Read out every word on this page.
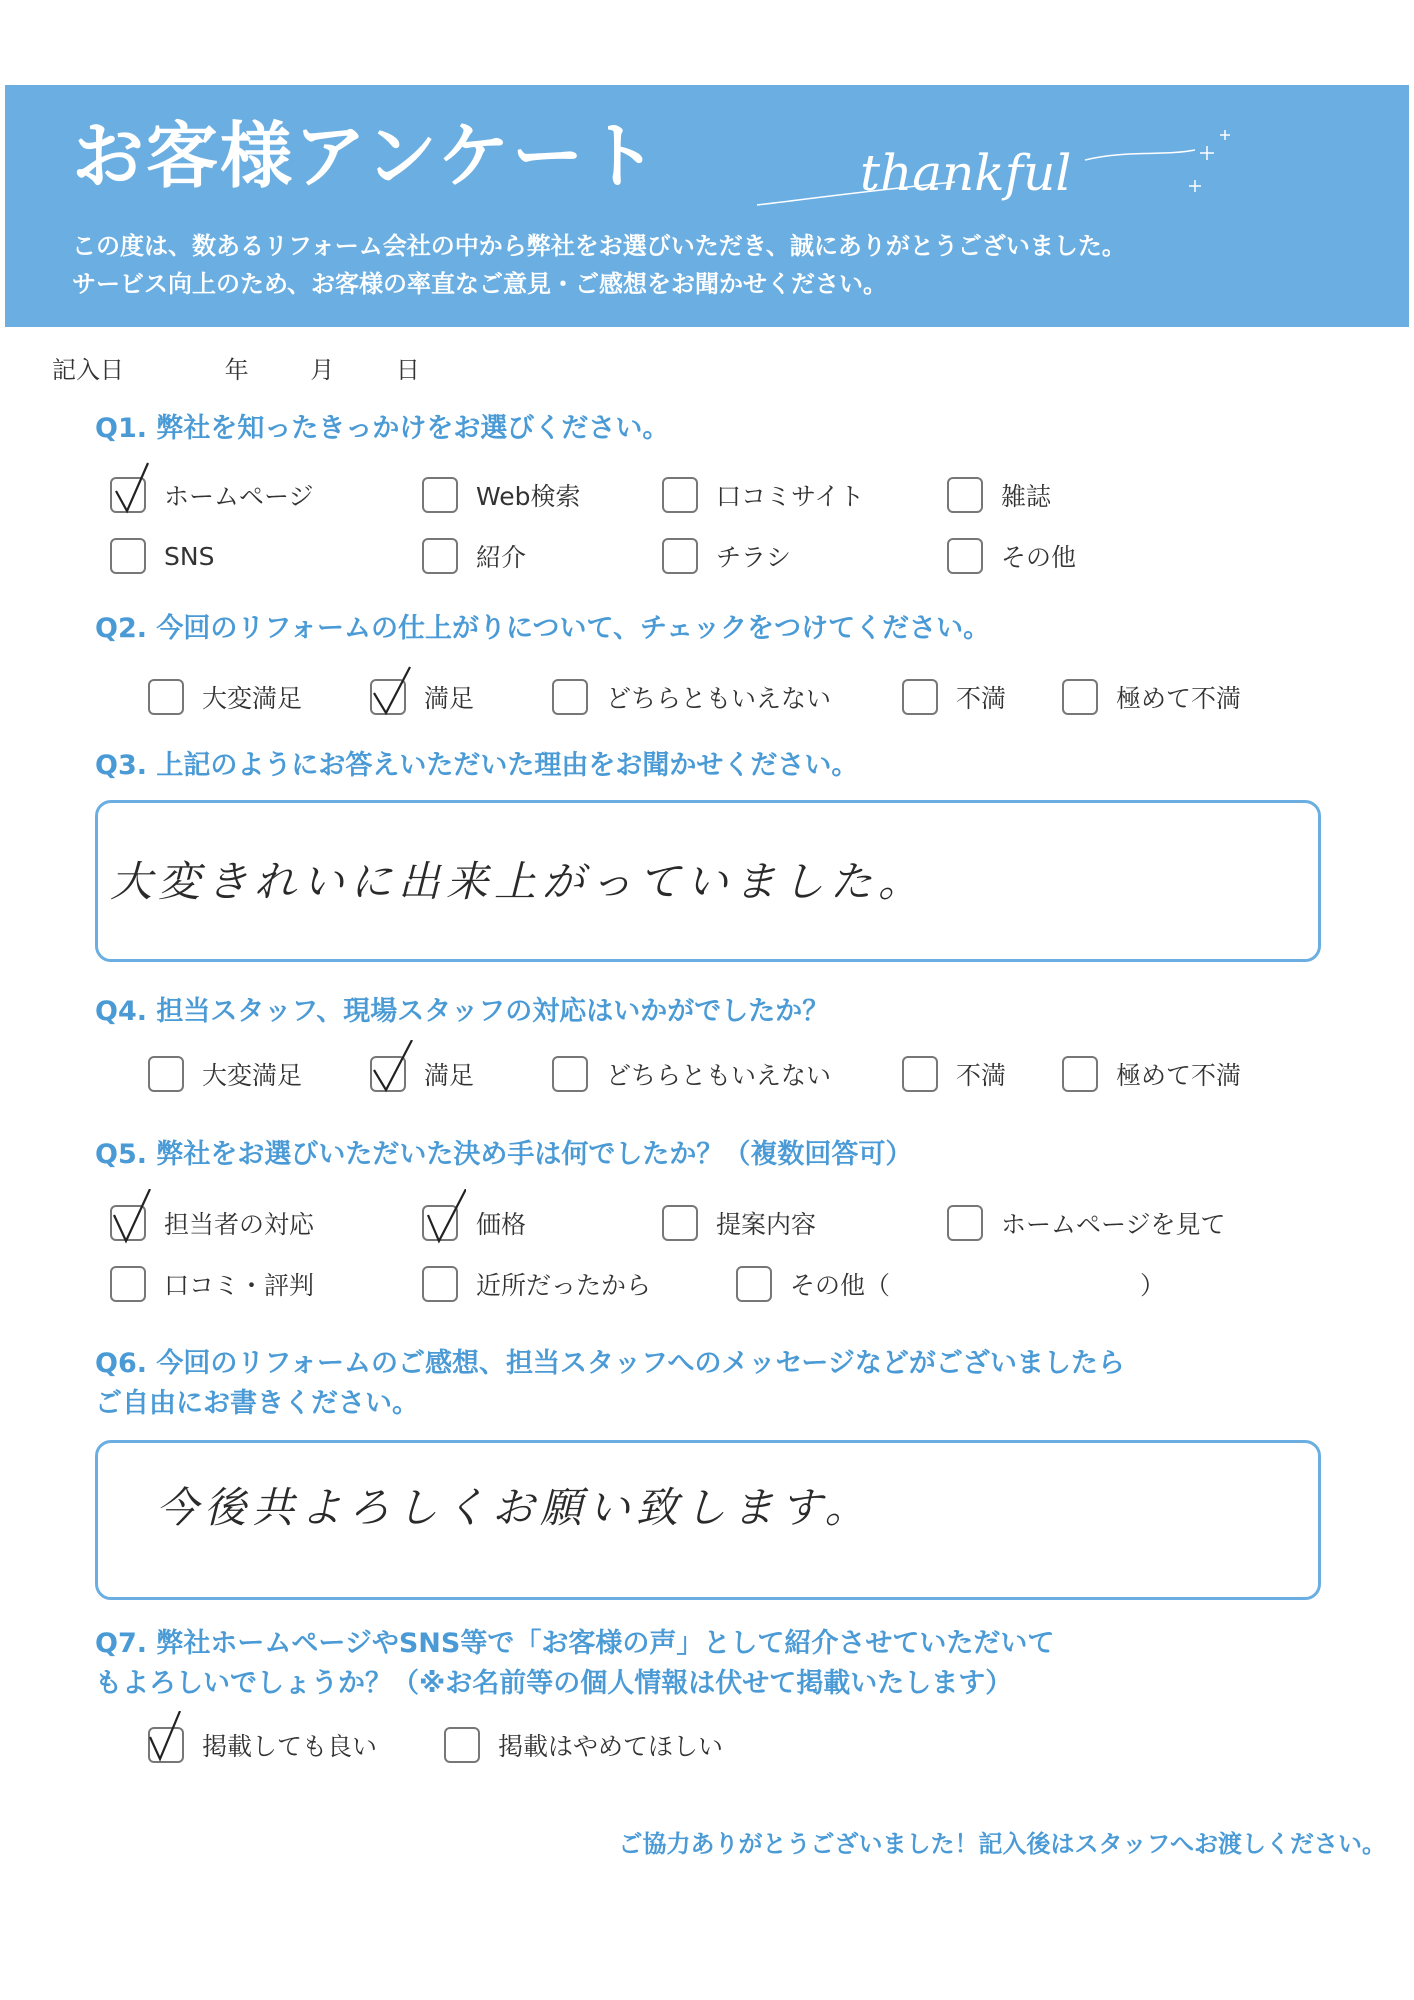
お客様アンケート	thankful
この度は、数あるリフォーム会社の中から弊社をお選びいただき、誠にありがとうございました。
サービス向上のため、お客様の率直なご意見・ご感想をお聞かせください。
記入日	年	月	日
Q1. 弊社を知ったきっかけをお選びください。
ホームページ	Web検索	口コミサイト	雑誌
SNS	紹介	チラシ	その他
Q2. 今回のリフォームの仕上がりについて、チェックをつけてください。
大変満足	満足	どちらともいえない	不満	極めて不満
Q3. 上記のようにお答えいただいた理由をお聞かせください。
大変きれいに出来上がっていました。
Q4. 担当スタッフ、現場スタッフの対応はいかがでしたか？
大変満足	満足	どちらともいえない	不満	極めて不満
Q5. 弊社をお選びいただいた決め手は何でしたか？（複数回答可）
担当者の対応	価格	提案内容	ホームページを見て
口コミ・評判	近所だったから	その他（	）
Q6. 今回のリフォームのご感想、担当スタッフへのメッセージなどがございましたら
ご自由にお書きください。
今後共よろしくお願い致します。
Q7. 弊社ホームページやSNS等で「お客様の声」として紹介させていただいて
もよろしいでしょうか？（※お名前等の個人情報は伏せて掲載いたします）
掲載しても良い	掲載はやめてほしい
ご協力ありがとうございました！記入後はスタッフへお渡しください。
